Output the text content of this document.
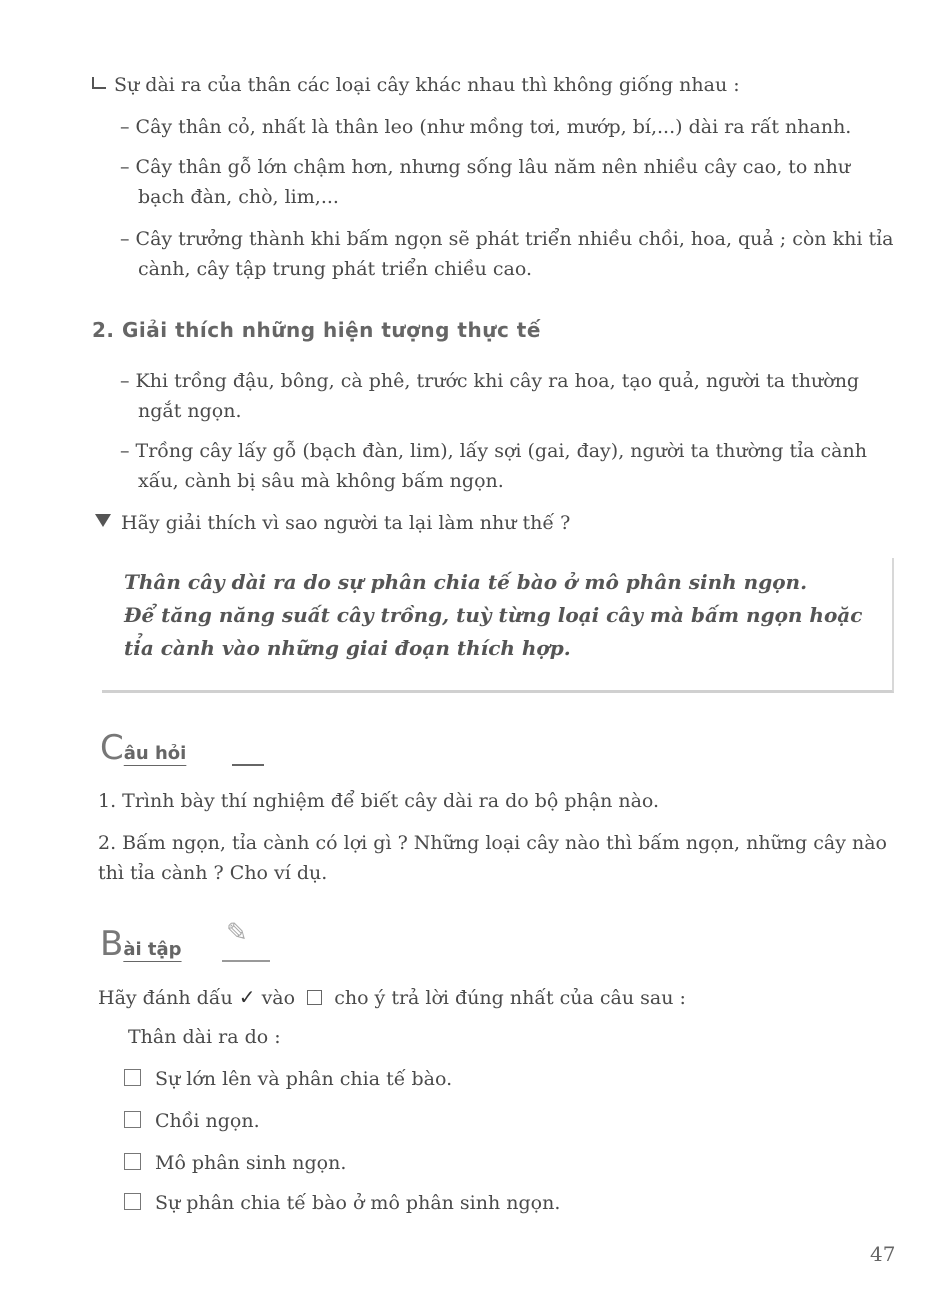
Sự dài ra của thân các loại cây khác nhau thì không giống nhau :
– Cây thân cỏ, nhất là thân leo (như mồng tơi, mướp, bí,...) dài ra rất nhanh.
– Cây thân gỗ lớn chậm hơn, nhưng sống lâu năm nên nhiều cây cao, to như
bạch đàn, chò, lim,...
– Cây trưởng thành khi bấm ngọn sẽ phát triển nhiều chồi, hoa, quả ; còn khi tỉa
cành, cây tập trung phát triển chiều cao.
2. Giải thích những hiện tượng thực tế
– Khi trồng đậu, bông, cà phê, trước khi cây ra hoa, tạo quả, người ta thường
ngắt ngọn.
– Trồng cây lấy gỗ (bạch đàn, lim), lấy sợi (gai, đay), người ta thường tỉa cành
xấu, cành bị sâu mà không bấm ngọn.
Hãy giải thích vì sao người ta lại làm như thế ?
Thân cây dài ra do sự phân chia tế bào ở mô phân sinh ngọn.
Để tăng năng suất cây trồng, tuỳ từng loại cây mà bấm ngọn hoặc
tỉa cành vào những giai đoạn thích hợp.
Câu hỏi
1. Trình bày thí nghiệm để biết cây dài ra do bộ phận nào.
2. Bấm ngọn, tỉa cành có lợi gì ? Những loại cây nào thì bấm ngọn, những cây nào
thì tỉa cành ? Cho ví dụ.
Bài tập
✎
Hãy đánh dấu ✓ vào cho ý trả lời đúng nhất của câu sau :
Thân dài ra do :
Sự lớn lên và phân chia tế bào.
Chồi ngọn.
Mô phân sinh ngọn.
Sự phân chia tế bào ở mô phân sinh ngọn.
47
